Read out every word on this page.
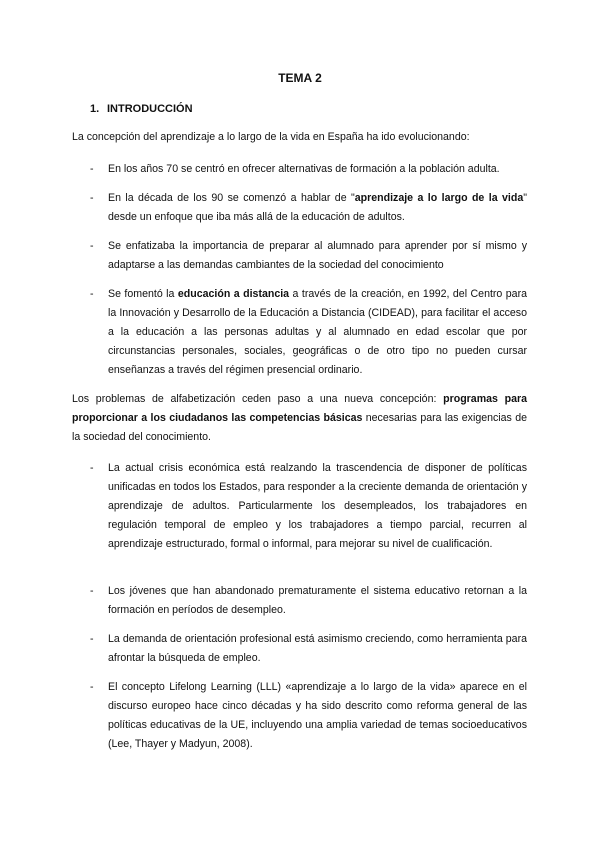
TEMA 2
1. INTRODUCCIÓN
La concepción del aprendizaje a lo largo de la vida en España ha ido evolucionando:
- En los años 70 se centró en ofrecer alternativas de formación a la población adulta.
- En la década de los 90 se comenzó a hablar de "aprendizaje a lo largo de la vida" desde un enfoque que iba más allá de la educación de adultos.
- Se enfatizaba la importancia de preparar al alumnado para aprender por sí mismo y adaptarse a las demandas cambiantes de la sociedad del conocimiento
- Se fomentó la educación a distancia a través de la creación, en 1992, del Centro para la Innovación y Desarrollo de la Educación a Distancia (CIDEAD), para facilitar el acceso a la educación a las personas adultas y al alumnado en edad escolar que por circunstancias personales, sociales, geográficas o de otro tipo no pueden cursar enseñanzas a través del régimen presencial ordinario.
Los problemas de alfabetización ceden paso a una nueva concepción: programas para proporcionar a los ciudadanos las competencias básicas necesarias para las exigencias de la sociedad del conocimiento.
- La actual crisis económica está realzando la trascendencia de disponer de políticas unificadas en todos los Estados, para responder a la creciente demanda de orientación y aprendizaje de adultos. Particularmente los desempleados, los trabajadores en regulación temporal de empleo y los trabajadores a tiempo parcial, recurren al aprendizaje estructurado, formal o informal, para mejorar su nivel de cualificación.
- Los jóvenes que han abandonado prematuramente el sistema educativo retornan a la formación en períodos de desempleo.
- La demanda de orientación profesional está asimismo creciendo, como herramienta para afrontar la búsqueda de empleo.
- El concepto Lifelong Learning (LLL) «aprendizaje a lo largo de la vida» aparece en el discurso europeo hace cinco décadas y ha sido descrito como reforma general de las políticas educativas de la UE, incluyendo una amplia variedad de temas socioeducativos (Lee, Thayer y Madyun, 2008).
